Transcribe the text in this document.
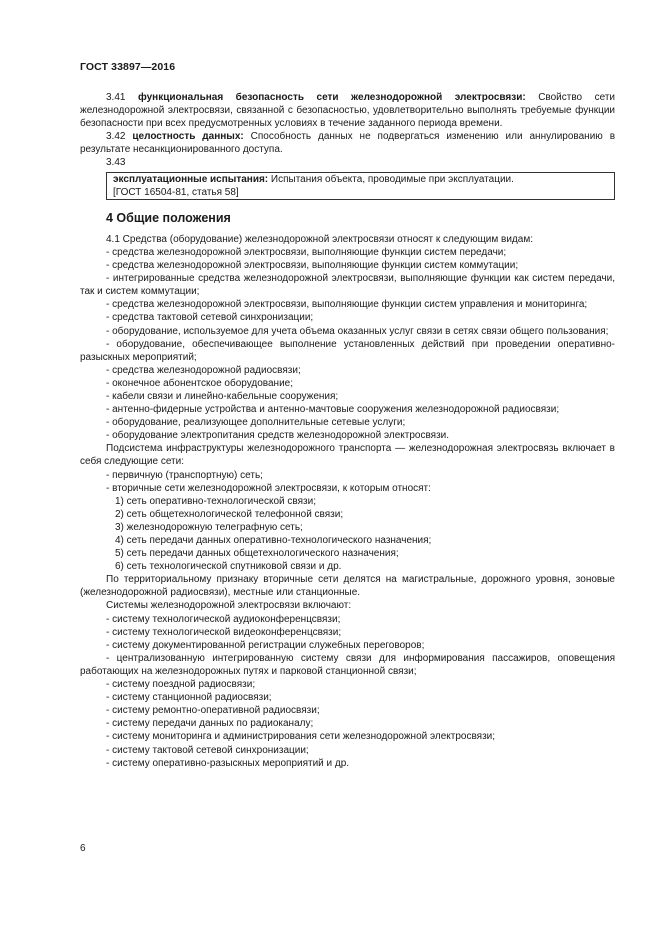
ГОСТ 33897—2016

3.41 функциональная безопасность сети железнодорожной электросвязи: Свойство сети железнодорожной электросвязи, связанной с безопасностью, удовлетворительно выполнять требуемые функции безопасности при всех предусмотренных условиях в течение заданного периода времени.

3.42 целостность данных: Способность данных не подвергаться изменению или аннулированию в результате несанкционированного доступа.

3.43

эксплуатационные испытания: Испытания объекта, проводимые при эксплуатации.

[ГОСТ 16504-81, статья 58]

4 Общие положения

4.1 Средства (оборудование) железнодорожной электросвязи относят к следующим видам:

- средства железнодорожной электросвязи, выполняющие функции систем передачи;

- средства железнодорожной электросвязи, выполняющие функции систем коммутации;

- интегрированные средства железнодорожной электросвязи, выполняющие функции как систем передачи, так и систем коммутации;

- средства железнодорожной электросвязи, выполняющие функции систем управления и мониторинга;

- средства тактовой сетевой синхронизации;

- оборудование, используемое для учета объема оказанных услуг связи в сетях связи общего пользования;

- оборудование, обеспечивающее выполнение установленных действий при проведении оперативно-разыскных мероприятий;

- средства железнодорожной радиосвязи;

- оконечное абонентское оборудование;

- кабели связи и линейно-кабельные сооружения;

- антенно-фидерные устройства и антенно-мачтовые сооружения железнодорожной радиосвязи;

- оборудование, реализующее дополнительные сетевые услуги;

- оборудование электропитания средств железнодорожной электросвязи.

Подсистема инфраструктуры железнодорожного транспорта — железнодорожная электросвязь включает в себя следующие сети:

- первичную (транспортную) сеть;

- вторичные сети железнодорожной электросвязи, к которым относят:

1) сеть оперативно-технологической связи;

2) сеть общетехнологической телефонной связи;

3) железнодорожную телеграфную сеть;

4) сеть передачи данных оперативно-технологического назначения;

5) сеть передачи данных общетехнологического назначения;

6) сеть технологической спутниковой связи и др.

По территориальному признаку вторичные сети делятся на магистральные, дорожного уровня, зоновые (железнодорожной радиосвязи), местные или станционные.

Системы железнодорожной электросвязи включают:

- систему технологической аудиоконференцсвязи;

- систему технологической видеоконференцсвязи;

- систему документированной регистрации служебных переговоров;

- централизованную интегрированную систему связи для информирования пассажиров, оповещения работающих на железнодорожных путях и парковой станционной связи;

- систему поездной радиосвязи;

- систему станционной радиосвязи;

- систему ремонтно-оперативной радиосвязи;

- систему передачи данных по радиоканалу;

- систему мониторинга и администрирования сети железнодорожной электросвязи;

- систему тактовой сетевой синхронизации;

- систему оперативно-разыскных мероприятий и др.

6
